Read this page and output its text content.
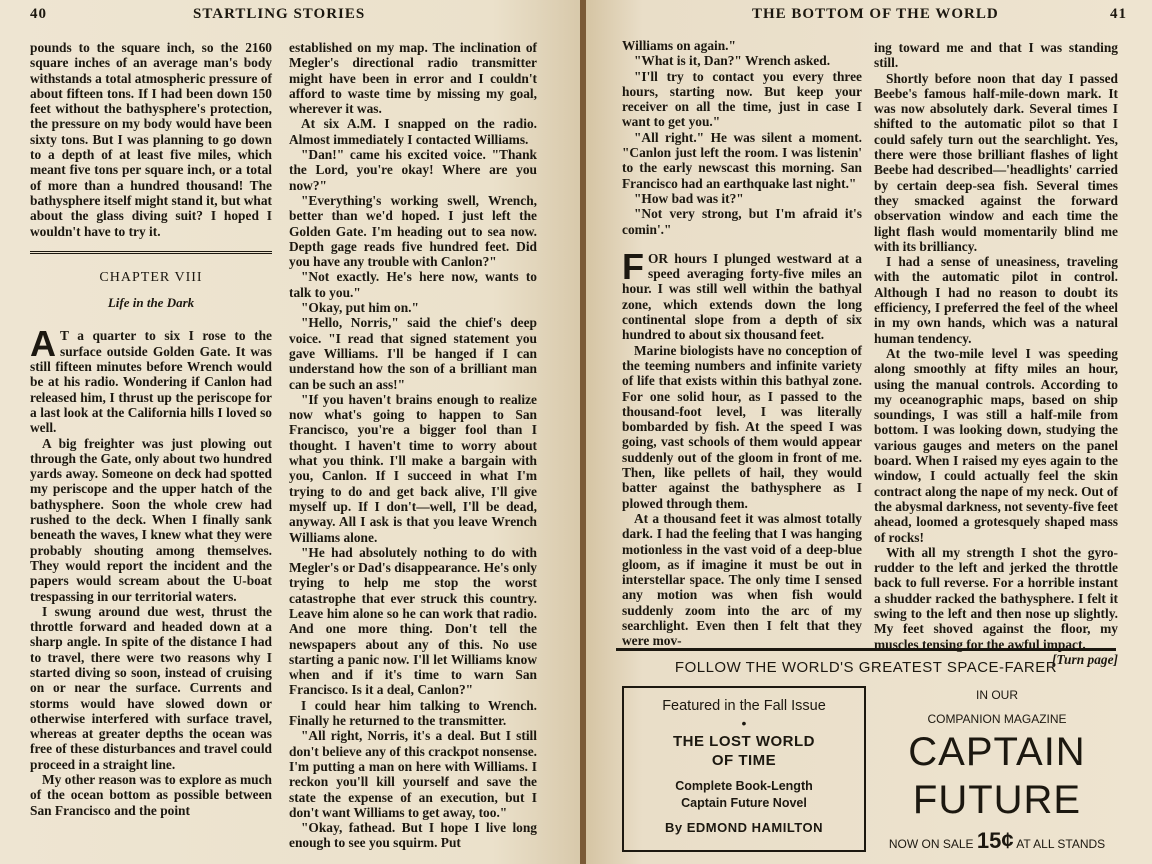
40	STARTLING STORIES

pounds to the square inch, so the 2160 square inches of an average man's body withstands a total atmospheric pressure of about fifteen tons. If I had been down 150 feet without the bathysphere's protection, the pressure on my body would have been sixty tons. But I was planning to go down to a depth of at least five miles, which meant five tons per square inch, or a total of more than a hundred thousand! The bathysphere itself might stand it, but what about the glass diving suit? I hoped I wouldn't have to try it.

CHAPTER VIII
Life in the Dark

A T a quarter to six I rose to the surface outside Golden Gate. It was still fifteen minutes before Wrench would be at his radio. Wondering if Canlon had released him, I thrust up the periscope for a last look at the California hills I loved so well.

A big freighter was just plowing out through the Gate, only about two hundred yards away. Someone on deck had spotted my periscope and the upper hatch of the bathysphere. Soon the whole crew had rushed to the deck. When I finally sank beneath the waves, I knew what they were probably shouting among themselves. They would report the incident and the papers would scream about the U-boat trespassing in our territorial waters.

I swung around due west, thrust the throttle forward and headed down at a sharp angle. In spite of the distance I had to travel, there were two reasons why I started diving so soon, instead of cruising on or near the surface. Currents and storms would have slowed down or otherwise interfered with surface travel, whereas at greater depths the ocean was free of these disturbances and travel could proceed in a straight line.

My other reason was to explore as much of the ocean bottom as possible between San Francisco and the point

established on my map. The inclination of Megler's directional radio transmitter might have been in error and I couldn't afford to waste time by missing my goal, wherever it was.

At six A.M. I snapped on the radio. Almost immediately I contacted Williams.

"Dan!" came his excited voice. "Thank the Lord, you're okay! Where are you now?"

"Everything's working swell, Wrench, better than we'd hoped. I just left the Golden Gate. I'm heading out to sea now. Depth gage reads five hundred feet. Did you have any trouble with Canlon?"

"Not exactly. He's here now, wants to talk to you."

"Okay, put him on."

"Hello, Norris," said the chief's deep voice. "I read that signed statement you gave Williams. I'll be hanged if I can understand how the son of a brilliant man can be such an ass!"

"If you haven't brains enough to realize now what's going to happen to San Francisco, you're a bigger fool than I thought. I haven't time to worry about what you think. I'll make a bargain with you, Canlon. If I succeed in what I'm trying to do and get back alive, I'll give myself up. If I don't—well, I'll be dead, anyway. All I ask is that you leave Wrench Williams alone.

"He had absolutely nothing to do with Megler's or Dad's disappearance. He's only trying to help me stop the worst catastrophe that ever struck this country. Leave him alone so he can work that radio. And one more thing. Don't tell the newspapers about any of this. No use starting a panic now. I'll let Williams know when and if it's time to warn San Francisco. Is it a deal, Canlon?"

I could hear him talking to Wrench. Finally he returned to the transmitter.

"All right, Norris, it's a deal. But I still don't believe any of this crackpot nonsense. I'm putting a man on here with Williams. I reckon you'll kill yourself and save the state the expense of an execution, but I don't want Williams to get away, too."

"Okay, fathead. But I hope I live long enough to see you squirm. Put

THE BOTTOM OF THE WORLD	41

Williams on again."

"What is it, Dan?" Wrench asked.

"I'll try to contact you every three hours, starting now. But keep your receiver on all the time, just in case I want to get you."

"All right." He was silent a moment. "Canlon just left the room. I was listenin' to the early newscast this morning. San Francisco had an earthquake last night."

"How bad was it?"

"Not very strong, but I'm afraid it's comin'."

FOR hours I plunged westward at a speed averaging forty-five miles an hour. I was still well within the bathyal zone, which extends down the long continental slope from a depth of six hundred to about six thousand feet.

Marine biologists have no conception of the teeming numbers and infinite variety of life that exists within this bathyal zone. For one solid hour, as I passed to the thousand-foot level, I was literally bombarded by fish. At the speed I was going, vast schools of them would appear suddenly out of the gloom in front of me. Then, like pellets of hail, they would batter against the bathysphere as I plowed through them.

At a thousand feet it was almost totally dark. I had the feeling that I was hanging motionless in the vast void of a deep-blue gloom, as if imagine it must be out in interstellar space. The only time I sensed any motion was when fish would suddenly zoom into the arc of my searchlight. Even then I felt that they were mov-

ing toward me and that I was standing still.

Shortly before noon that day I passed Beebe's famous half-mile-down mark. It was now absolutely dark. Several times I shifted to the automatic pilot so that I could safely turn out the searchlight. Yes, there were those brilliant flashes of light Beebe had described—'headlights' carried by certain deep-sea fish. Several times they smacked against the forward observation window and each time the light flash would momentarily blind me with its brilliancy.

I had a sense of uneasiness, traveling with the automatic pilot in control. Although I had no reason to doubt its efficiency, I preferred the feel of the wheel in my own hands, which was a natural human tendency.

At the two-mile level I was speeding along smoothly at fifty miles an hour, using the manual controls. According to my oceanographic maps, based on ship soundings, I was still a half-mile from bottom. I was looking down, studying the various gauges and meters on the panel board. When I raised my eyes again to the window, I could actually feel the skin contract along the nape of my neck. Out of the abysmal darkness, not seventy-five feet ahead, loomed a grotesquely shaped mass of rocks!

With all my strength I shot the gyro-rudder to the left and jerked the throttle back to full reverse. For a horrible instant a shudder racked the bathysphere. I felt it swing to the left and then nose up slightly. My feet shoved against the floor, my muscles tensing for the awful impact.

[Turn page]
FOLLOW THE WORLD'S GREATEST SPACE-FARER
Featured in the Fall Issue
•
THE LOST WORLD
OF TIME
Complete Book-Length
Captain Future Novel
By EDMOND HAMILTON
IN OUR
COMPANION MAGAZINE
CAPTAIN
FUTURE
NOW ON SALE 15¢ AT ALL STANDS
